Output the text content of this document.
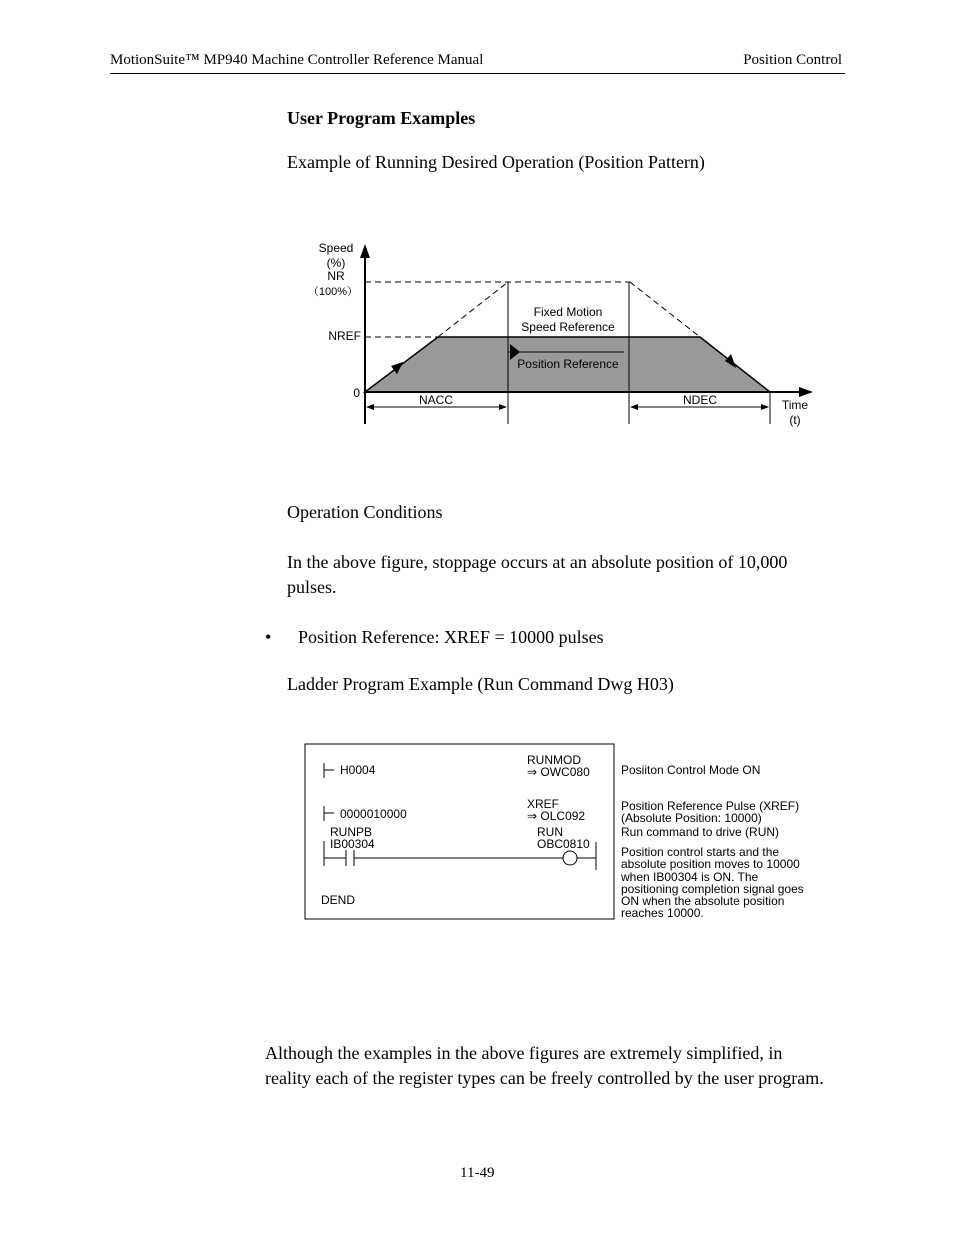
MotionSuite™ MP940 Machine Controller Reference Manual	Position Control
User Program Examples
Example of Running Desired Operation (Position Pattern)
Speed
(%)
NR
（100%）
NREF
0
Fixed Motion
Speed Reference
Position Reference
NACC	NDEC	Time
(t)
Operation Conditions
In the above figure, stoppage occurs at an absolute position of 10,000
pulses.
• Position Reference: XREF = 10000 pulses
Ladder Program Example (Run Command Dwg H03)
H0004
RUNMOD
⇒ OWC080	Posiiton Control Mode ON
0000010000
XREF
⇒ OLC092
Position Reference Pulse (XREF)
(Absolute Position: 10000)
RUNPB
IB00304
RUN
OBC0810
Run command to drive (RUN)
Position control starts and the
absolute position moves to 10000
when IB00304 is ON. The
positioning completion signal goes
ON when the absolute position
reaches 10000.
DEND
Although the examples in the above figures are extremely simplified, in
reality each of the register types can be freely controlled by the user program.
11-49
